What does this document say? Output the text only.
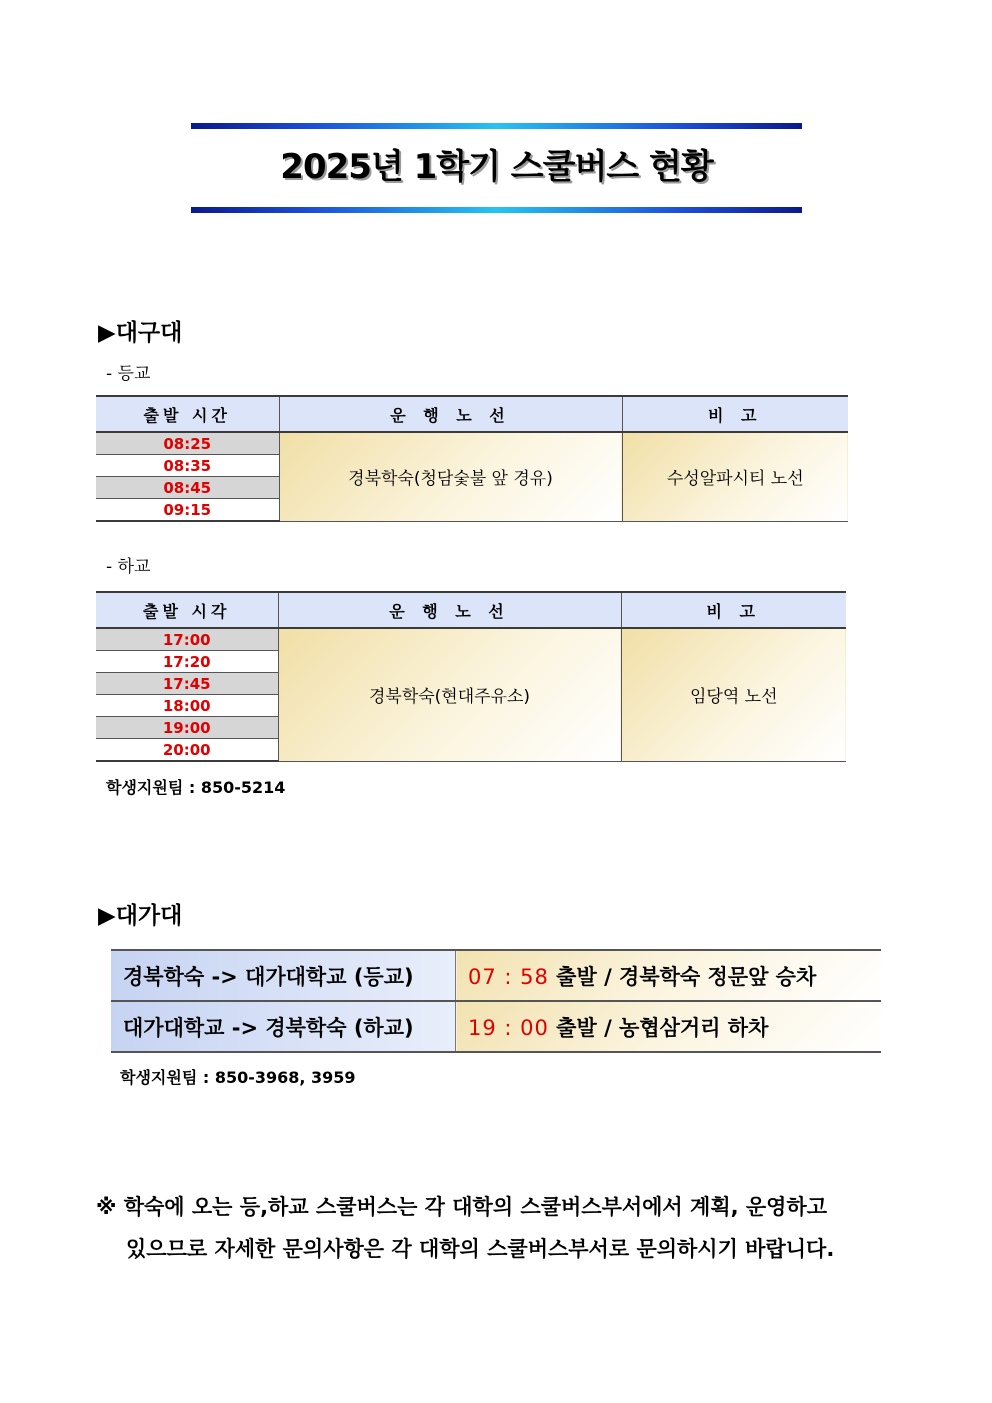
2025년 1학기 스쿨버스 현황
▶대구대
- 등교
출발 시간	운 행 노 선	비 고
08:25	경북학숙(청담숯불 앞 경유)	수성알파시티 노선
08:35		
08:45		
09:15		
- 하교
출발 시각	운 행 노 선	비 고
17:00	경북학숙(현대주유소)	임당역 노선
17:20		
17:45		
18:00		
19:00		
20:00		
학생지원팀 : 850-5214
▶대가대
경북학숙 -> 대가대학교 (등교)	07 : 58 출발 / 경북학숙 정문앞 승차
대가대학교 -> 경북학숙 (하교)	19 : 00 출발 / 농협삼거리 하차
학생지원팀 : 850-3968, 3959
※ 학숙에 오는 등,하교 스쿨버스는 각 대학의 스쿨버스부서에서 계획, 운영하고
있으므로 자세한 문의사항은 각 대학의 스쿨버스부서로 문의하시기 바랍니다.
